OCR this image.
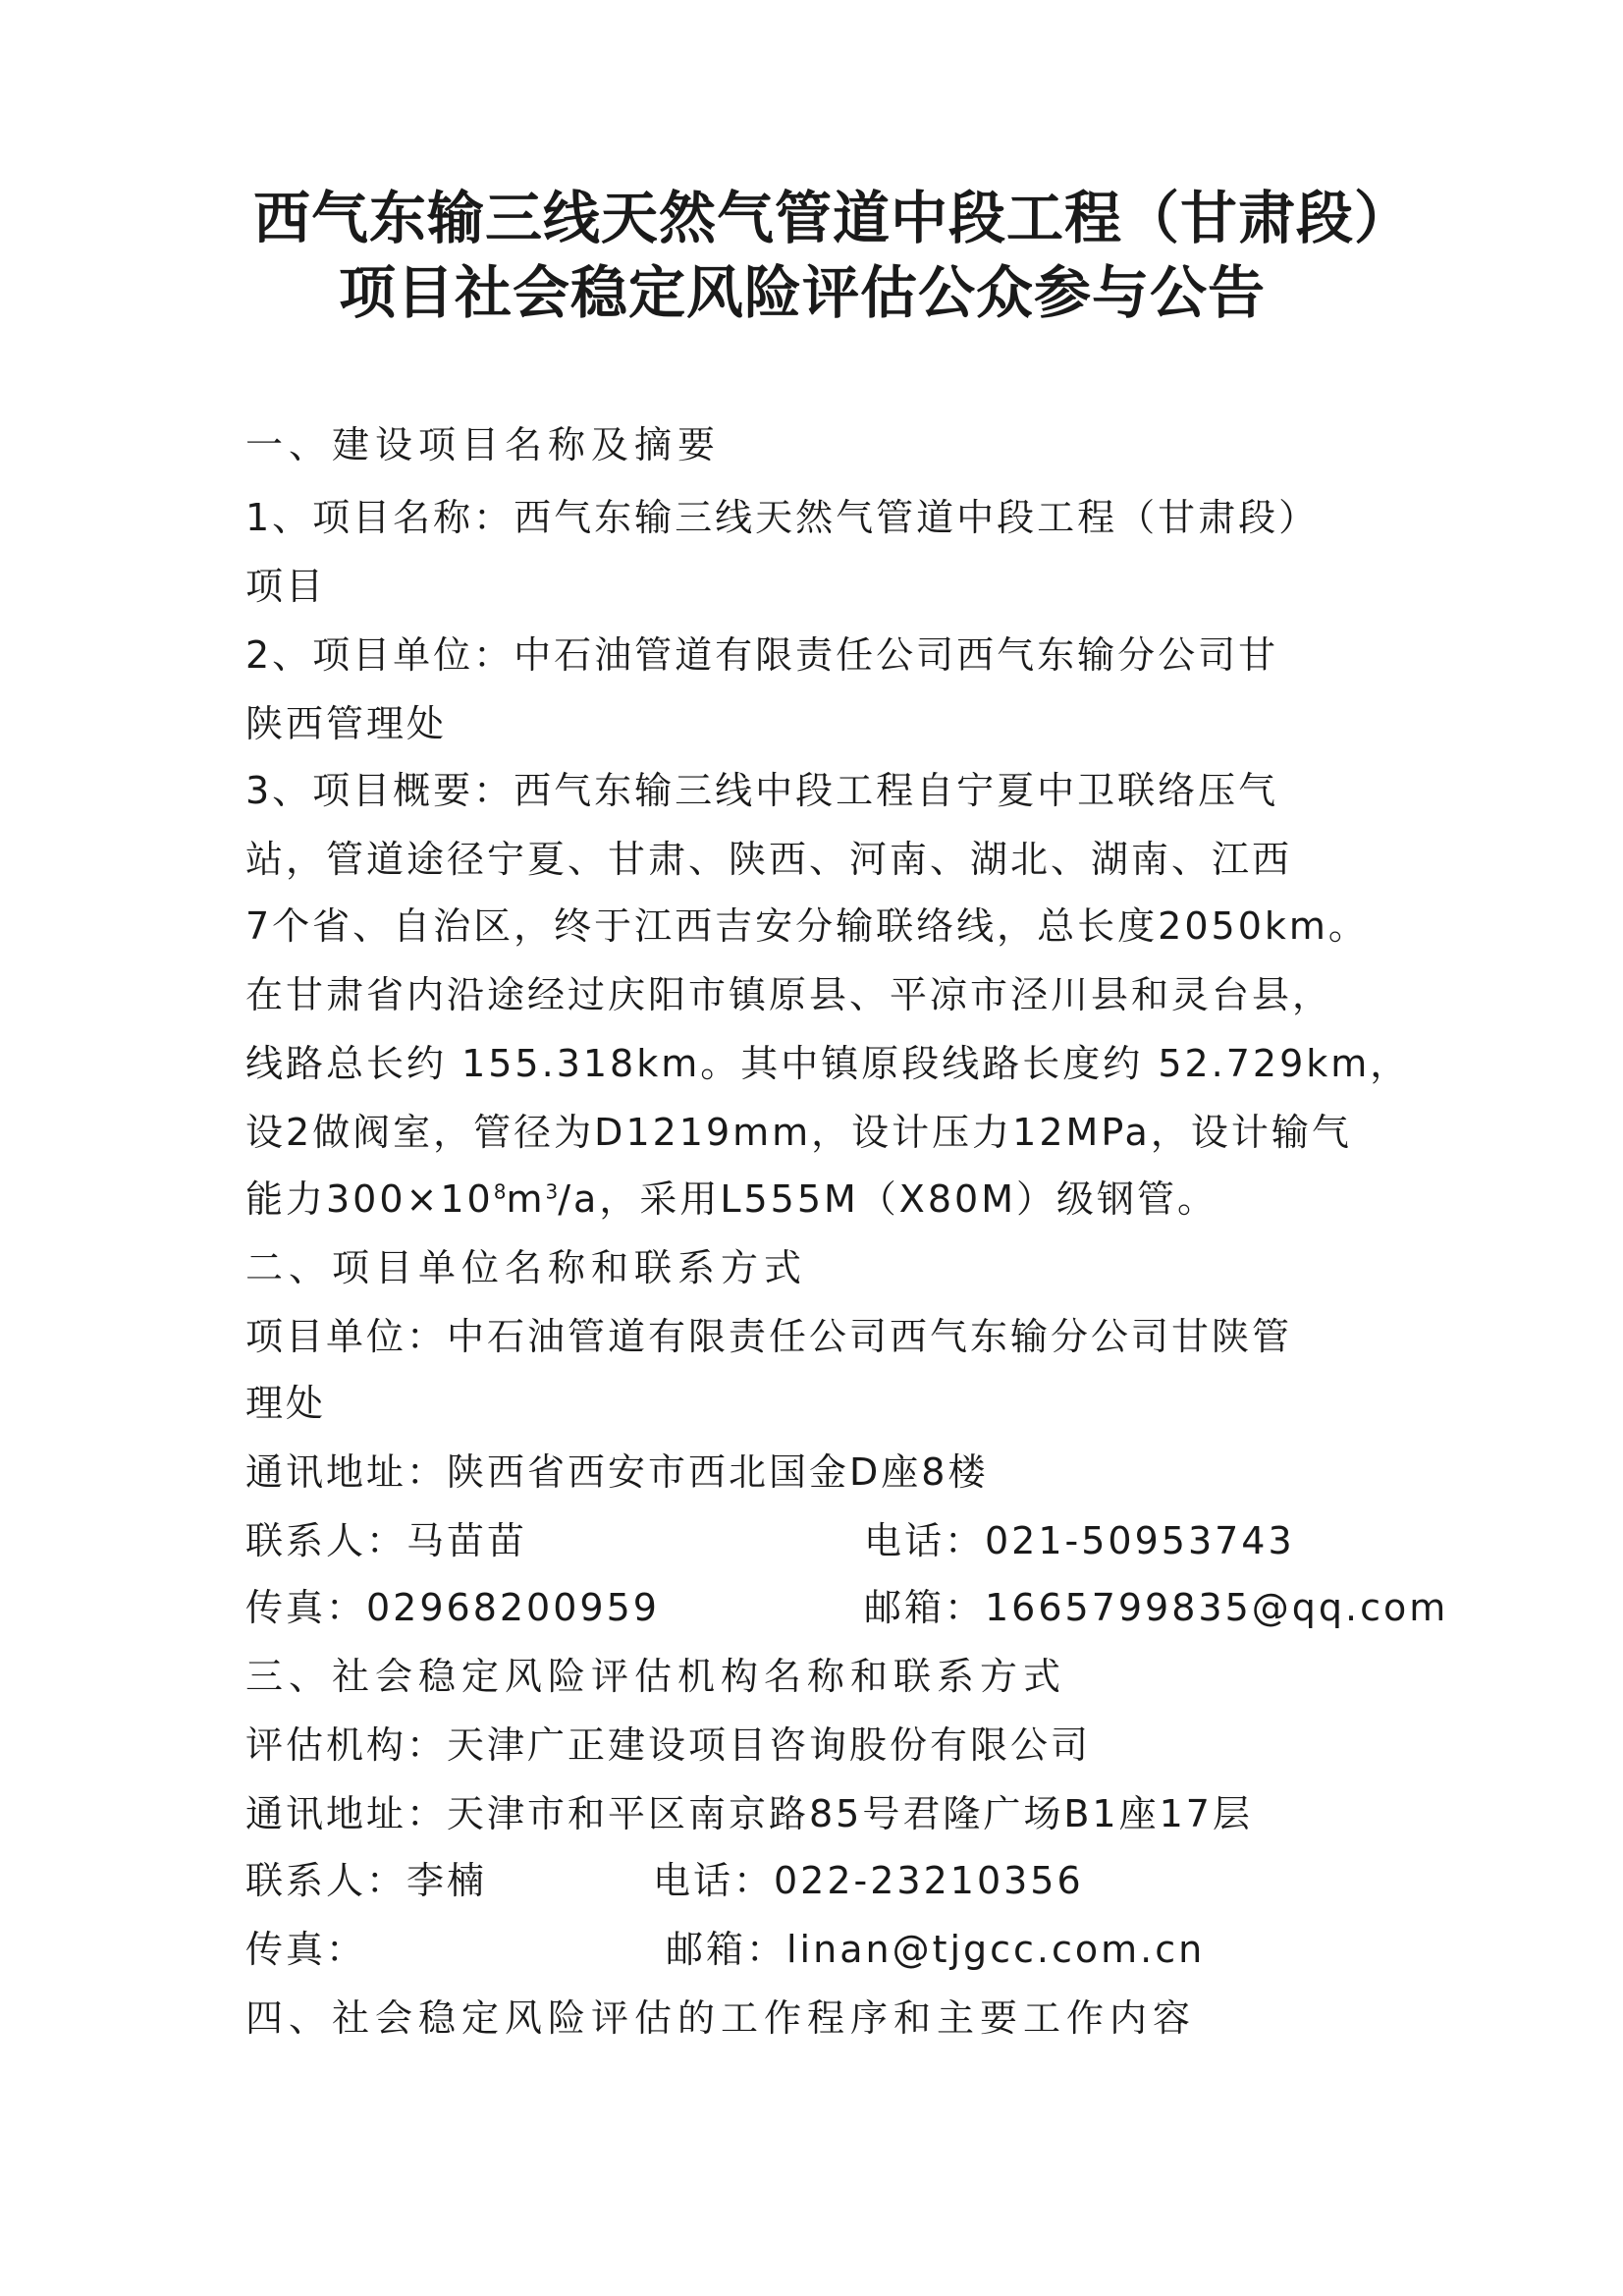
西气东输三线天然气管道中段工程（甘肃段）
项目社会稳定风险评估公众参与公告
一、建设项目名称及摘要
1、项目名称：西气东输三线天然气管道中段工程（甘肃段）
项目
2、项目单位：中石油管道有限责任公司西气东输分公司甘
陕西管理处
3、项目概要：西气东输三线中段工程自宁夏中卫联络压气
站，管道途径宁夏、甘肃、陕西、河南、湖北、湖南、江西
7个省、自治区，终于江西吉安分输联络线，总长度2050km。
在甘肃省内沿途经过庆阳市镇原县、平凉市泾川县和灵台县，
线路总长约 155.318km。其中镇原段线路长度约 52.729km，
设2做阀室，管径为D1219mm，设计压力12MPa，设计输气
能力$300\times 10^8m^3/a$，采用L555M（X80M）级钢管。
二、项目单位名称和联系方式
项目单位：中石油管道有限责任公司西气东输分公司甘陕管
理处
通讯地址：陕西省西安市西北国金D座8楼
联系人：马苗苗	电话：021-50953743
传真：02968200959	邮箱：1665799835@qq.com
三、社会稳定风险评估机构名称和联系方式
评估机构：天津广正建设项目咨询股份有限公司
通讯地址：天津市和平区南京路85号君隆广场B1座17层
联系人：李楠	电话：022-23210356
传真：	邮箱：linan@tjgcc.com.cn
四、社会稳定风险评估的工作程序和主要工作内容
